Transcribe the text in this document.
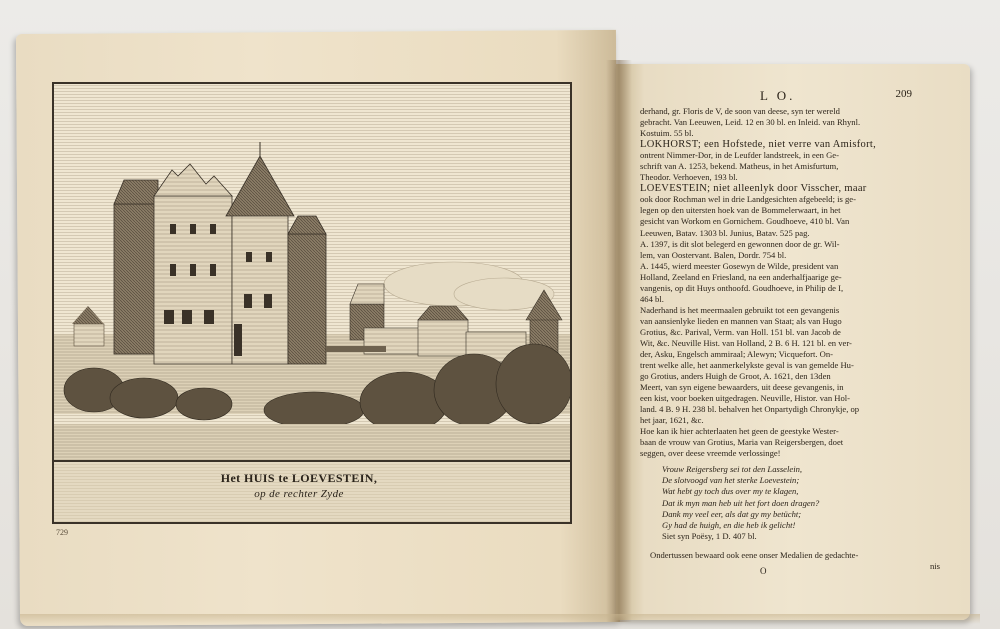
Het HUIS te LOEVESTEIN,
op de rechter Zyde
729
L O.	209

derhand, gr. Floris de V, de soon van deese, syn ter wereld

gebracht. Van Leeuwen, Leid. 12 en 30 bl. en Inleid. van Rhynl.

Kostuim. 55 bl.

LOKHORST; een Hofstede, niet verre van Amisfort,

ontrent Nimmer-Dor, in de Leufder landstreek, in een Ge-

schrift van A. 1253, bekend. Matheus, in het Amisfurtum,

Theodor. Verhoeven, 193 bl.

LOEVESTEIN; niet alleenlyk door Visscher, maar

ook door Rochman wel in drie Landgesichten afgebeeld; is ge-

legen op den uitersten hoek van de Bommelerwaart, in het

gesicht van Workom en Gornichem. Goudhoeve, 410 bl. Van

Leeuwen, Batav. 1303 bl. Junius, Batav. 525 pag.

A. 1397, is dit slot belegerd en gewonnen door de gr. Wil-

lem, van Oostervant. Balen, Dordr. 754 bl.

A. 1445, wierd meester Gosewyn de Wilde, president van

Holland, Zeeland en Friesland, na een anderhalfjaarige ge-

vangenis, op dit Huys onthoofd. Goudhoeve, in Philip de I,

464 bl.

Naderhand is het meermaalen gebruikt tot een gevangenis

van aansienlyke lieden en mannen van Staat; als van Hugo

Grotius, &c. Parival, Verm. van Holl. 151 bl. van Jacob de

Wit, &c. Neuville Hist. van Holland, 2 B. 6 H. 121 bl. en ver-

der, Asku, Engelsch ammiraal; Alewyn; Vicquefort. On-

trent welke alle, het aanmerkelykste geval is van gemelde Hu-

go Grotius, anders Huigh de Groot, A. 1621, den 13den

Meert, van syn eigene bewaarders, uit deese gevangenis, in

een kist, voor boeken uitgedragen. Neuville, Histor. van Hol-

land. 4 B. 9 H. 238 bl. behalven het Onpartydigh Chronykje, op

het jaar, 1621, &c.

Hoe kan ik hier achterlaaten het geen de geestyke Wester-

baan de vrouw van Grotius, Maria van Reigersbergen, doet

seggen, over deese vreemde verlossinge!

Vrouw Reigersberg sei tot den Lasselein,

De slotvoogd van het sterke Loevestein;

Wat hebt gy toch dus over my te klagen,

Dat ik myn man heb uit het fort doen dragen?

Dank my veel eer, als dat gy my betücht;

Gy had de huigh, en die heb ik gelicht!

Siet syn Poësy, 1 D. 407 bl.

Ondertussen bewaard ook eene onser Medalien de gedachte-

nis

O
